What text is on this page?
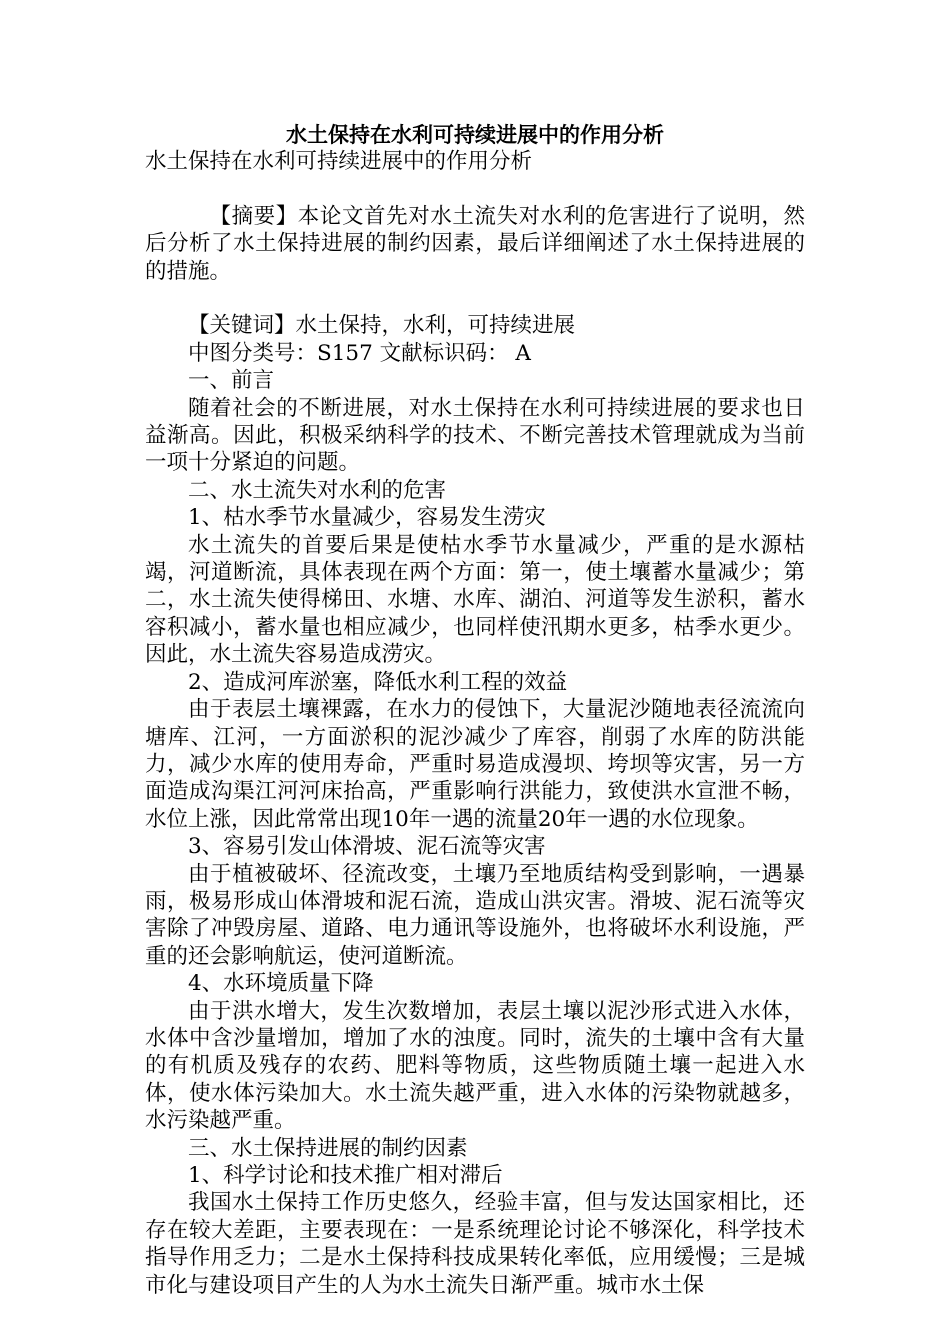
水土保持在水利可持续进展中的作用分析

水土保持在水利可持续进展中的作用分析

【摘要】本论文首先对水土流失对水利的危害进行了说明，然后分析了水土保持进展的制约因素，最后详细阐述了水土保持进展的的措施。

【关键词】水土保持，水利，可持续进展

中图分类号：S157 文献标识码： A

一、前言

随着社会的不断进展，对水土保持在水利可持续进展的要求也日益渐高。因此，积极采纳科学的技术、不断完善技术管理就成为当前一项十分紧迫的问题。

二、水土流失对水利的危害

1、枯水季节水量减少，容易发生涝灾

水土流失的首要后果是使枯水季节水量减少，严重的是水源枯竭，河道断流，具体表现在两个方面：第一，使土壤蓄水量减少；第二，水土流失使得梯田、水塘、水库、湖泊、河道等发生淤积，蓄水容积减小，蓄水量也相应减少，也同样使汛期水更多，枯季水更少。因此，水土流失容易造成涝灾。

2、造成河库淤塞，降低水利工程的效益

由于表层土壤裸露，在水力的侵蚀下，大量泥沙随地表径流流向塘库、江河，一方面淤积的泥沙减少了库容，削弱了水库的防洪能力，减少水库的使用寿命，严重时易造成漫坝、垮坝等灾害，另一方面造成沟渠江河河床抬高，严重影响行洪能力，致使洪水宣泄不畅，水位上涨，因此常常出现10年一遇的流量20年一遇的水位现象。

3、容易引发山体滑坡、泥石流等灾害

由于植被破坏、径流改变，土壤乃至地质结构受到影响，一遇暴雨，极易形成山体滑坡和泥石流，造成山洪灾害。滑坡、泥石流等灾害除了冲毁房屋、道路、电力通讯等设施外，也将破坏水利设施，严重的还会影响航运，使河道断流。

4、水环境质量下降

由于洪水增大，发生次数增加，表层土壤以泥沙形式进入水体，水体中含沙量增加，增加了水的浊度。同时，流失的土壤中含有大量的有机质及残存的农药、肥料等物质，这些物质随土壤一起进入水体，使水体污染加大。水土流失越严重，进入水体的污染物就越多，水污染越严重。

三、水土保持进展的制约因素

1、科学讨论和技术推广相对滞后

我国水土保持工作历史悠久，经验丰富，但与发达国家相比，还存在较大差距，主要表现在：一是系统理论讨论不够深化，科学技术指导作用乏力；二是水土保持科技成果转化率低，应用缓慢；三是城市化与建设项目产生的人为水土流失日渐严重。城市水土保
